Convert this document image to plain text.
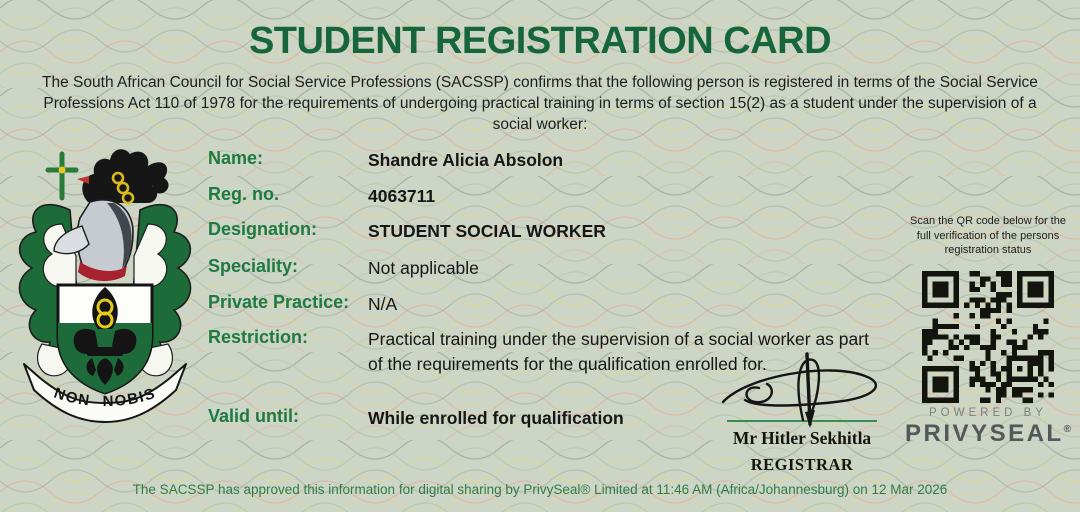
STUDENT REGISTRATION CARD
The South African Council for Social Service Professions (SACSSP) confirms that the following person is registered in terms of the Social Service Professions Act 110 of 1978 for the requirements of undergoing practical training in terms of section 15(2) as a student under the supervision of a social worker:
NON NOBIS
Name:	Shandre Alicia Absolon
Reg. no.	4063711
Designation:	STUDENT SOCIAL WORKER
Speciality:	Not applicable
Private Practice:	N/A
Restriction:	Practical training under the supervision of a social worker as part of the requirements for the qualification enrolled for.
Valid until:	While enrolled for qualification
Mr Hitler Sekhitla
REGISTRAR
Scan the QR code below for the full verification of the persons registration status
POWERED BY
PRIVYSEAL®
The SACSSP has approved this information for digital sharing by PrivySeal® Limited at 11:46 AM (Africa/Johannesburg) on 12 Mar 2026
